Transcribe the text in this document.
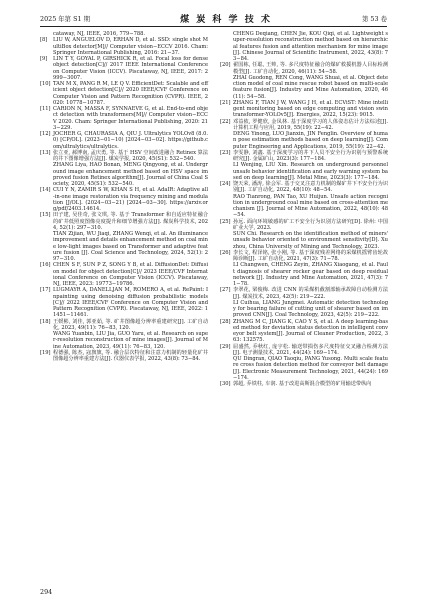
2025 年第 S1 期	煤 炭 科 学 技 术	第 53 卷
cataway, NJ, IEEE, 2016, 779−788.
[8]	LIU W, ANGUELOV D, ERHAN D, et al. SSD: single shot MultiBox detector[M]// Computer vision−ECCV 2016. Cham: Springer International Publishing, 2016: 21−37.
[9]	LIN T Y, GOYAL P, GIRSHICK R, et al. Focal loss for dense object detection[C]// 2017 IEEE International Conference on Computer Vision (ICCV). Piscataway, NJ, IEEE, 2017: 2999−3007.
[10] TAN M X, PANG R M, LE Q V. EfficientDet: Scalable and efficient object detection[C]// 2020 IEEE/CVF Conference on Computer Vision and Pattern Recognition (CVPR). IEEE, 2020: 10778−10787.
[11] CARION N, MASSA F, SYNNAEVE G, et al. End-to-end object detection with transformers[M]// Computer vision−ECCV 2020. Cham: Springer International Publishing, 2020: 213−229.
[12] JOCHER G, CHAURASIA A, QIU J. Ultralytics YOLOv8 (8.0.0) [CP/OL]. (2023−01−10) [2024−03−02]. https://github.com/ultralytics/ultralytics.
[13] 张立亚, 郝博南, 孟庆勇, 等. 基于 HSV 空间改进融合 Retinex 算法的井下图像增强方法[J]. 煤炭学报, 2020, 45(S1): 532−540.
ZHANG Liya, HAO Bonan, MENG Qingyong, et al. Underground image enhancement method based on HSV space improved fusion Retinex algorithm[J]. Journal of China Coal Society, 2020, 45(S1): 532−540.
[14] CUI Y N, ZAMIR S W, KHAN S H, et al. AdaIR: Adaptive all-in-one image restoration via frequency mining and modulation [J/OL]. (2024−03−21) [2024−03−30]. https://arxiv.org/pdf/2403.14614.
[15] 田子建, 吴佳奇, 张文琪, 等. 基于 Transformer 和自适应特征融合的矿井低照度图像亮度提升和细节增强方法[J]. 煤炭科学技术, 2024, 52(1): 297−310.
TIAN Zijian, WU Jiaqi, ZHANG Wenqi, et al. An illuminance improvement and details enhancement method on coal mine low-light images based on Transformer and adaptive feature fusion [J]. Coal Science and Technology, 2024, 52(1): 297−310.
[16] CHEN S F, SUN P Z, SONG Y B, et al. DiffusionDet: Diffusion model for object detection[C]// 2023 IEEE/CVF International Conference on Computer Vision (ICCV). Piscataway, NJ, IEEE, 2023: 19773−19786.
[17] LUGMAYR A, DANELLJAN M, ROMERO A, et al. RePaint: Inpainting using denoising diffusion probabilistic models[C]// 2022 IEEE/CVF Conference on Computer Vision and Pattern Recognition (CVPR). Piscataway, NJ, IEEE, 2022: 11451−11461.
[18] 王媛彬, 刘佳, 郭亚茹, 等. 矿井图像超分辨率重建研究[J]. 工矿自动化, 2023, 49(11): 76−83, 120.
WANG Yuanbin, LIU Jia, GUO Yaru, et al. Research on super-resolution reconstruction of mine images[J]. Journal of Mine Automation, 2023, 49(11): 76−83, 120.
[19] 程德强, 陈杰, 寇旗旗, 等. 融合层次特征和注意力机制的轻量化矿井图像超分辨率重建方法[J]. 仪器仪表学报, 2022, 43(8): 73−84.
CHENG Deqiang, CHEN Jie, KOU Qiqi, et al. Lightweight super-resolution reconstruction method based on hierarchical features fusion and attention mechanism for mine image[J]. Chinese Journal of Scientific Instrument, 2022, 43(8): 73−84.
[20] 翟国栋, 任聪, 王帅, 等. 多尺度特征融合的煤矿救援机器人目标检测模型[J]. 工矿自动化, 2020, 46(11): 54−58.
ZHAI Guodong, REN Cong, WANG Shuai, et al. Object detection model of coal mine rescue robot based on multi-scale feature fusion[J]. Industry and Mine Automation, 2020, 46(11): 54−58.
[21] ZHANG F, TIAN J W, WANG J H, et al. ECViST: Mine intelligent monitoring based on edge computing and vision swin transformer-YOLOv5[J]. Energies, 2022, 15(23): 9015.
[22] 邓益侬, 罗健欣, 金凤林. 基于深度学习的人体姿态估计方法综述[J]. 计算机工程与应用, 2019, 55(19): 22−42.
DENG Yinong, LUO Jianxin, JIN Fenglin. Overview of human pose estimation methods based on deep learning[J]. Computer Engineering and Applications, 2019, 55(19): 22−42.
[23] 李雯静, 刘鑫. 基于深度学习的井下人员不安全行为识别与预警系统研究[J]. 金属矿山, 2023(3): 177−184.
LI Wenjing, LIU Xin. Research on underground personnel unsafe behavior identification and early warning system based on deep learning[J]. Metal Mine, 2023(3): 177−184.
[24] 饶天荣, 潘涛, 徐会军. 基于交叉注意力机制的煤矿井下不安全行为识别[J]. 工矿自动化, 2022, 48(10): 48−54.
RAO Tianrong, PAN Tao, XU Huijun. Unsafe action recognition in underground coal mine based on cross-attention mechanism [J]. Journal of Mine Automation, 2022, 48(10): 48−54.
[25] 孙远. 面向环境敏感的矿工不安全行为识别方法研究[D]. 徐州: 中国矿业大学, 2023.
SUN Chi. Research on the identification method of miners' unsafe behavior oriented to environment sensitivity[D]. Xuzhou, China University of Mining and Technology, 2023.
[26] 李长文, 程泽铭, 张小刚, 等. 基于深度残差网络的采煤机摇臂齿轮故障诊断[J]. 工矿自动化, 2021, 47(3): 71−78.
LI Changwen, CHENG Zeyin, ZHANG Xiaogang, et al. Fault diagnosis of shearer rocker gear based on deep residual network [J]. Industry and Mine Automation, 2021, 47(3): 71−78.
[27] 李翠花, 梁俊梅. 改进 CNN 的采煤机截割部轴承故障自动检测方法[J]. 煤炭技术, 2023, 42(5): 219−222.
LI Cuihua, LIANG Jungmei. Automatic detection technology for bearing failure of cutting unit of shearer based on improved CNN[J]. Coal Technology, 2023, 42(5): 219−222.
[28] ZHANG M C, JIANG K, CAO Y S, et al. A deep learning-based method for deviation status detection in intelligent conveyor belt system[J]. Journal of Cleaner Production, 2022, 363: 132575.
[29] 屈盛然, 乔秋红, 庞宇松. 输送带损伤多尺度特征交叉融合检测方法[J]. 电子测量技术, 2021, 44(24): 169−174.
QU Dingran, QIAO Taoqiu, PANG Yusong. Multi scale feature cross fusion detection method for conveyor belt damage[J]. Electronic Measurement Technology, 2021, 44(24): 169−174.
[30] 郭超, 乔铁柱, 车润. 基于改进高斯混合模型的矿用输送带纵向
294
